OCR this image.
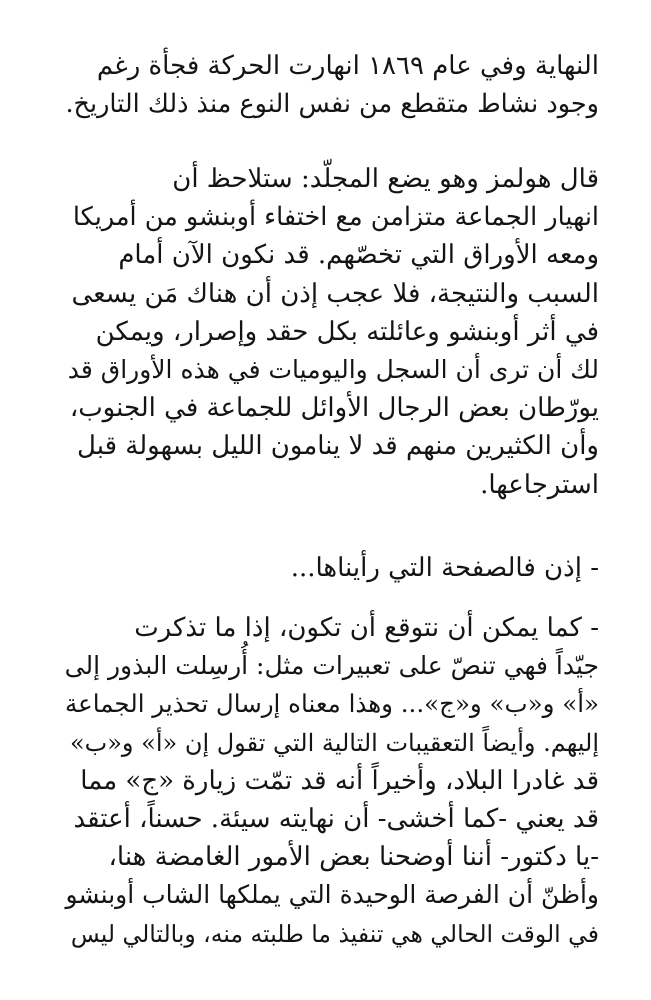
النهاية وفي عام ١٨٦٩ انهارت الحركة فجأة رغم
وجود نشاط متقطع من نفس النوع منذ ذلك التاريخ.

قال هولمز وهو يضع المجلّد: ستلاحظ أن
انهيار الجماعة متزامن مع اختفاء أوبنشو من أمريكا
ومعه الأوراق التي تخصّهم. قد نكون الآن أمام
السبب والنتيجة، فلا عجب إذن أن هناك مَن يسعى
في أثر أوبنشو وعائلته بكل حقد وإصرار، ويمكن
لك أن ترى أن السجل واليوميات في هذه الأوراق قد
يورّطان بعض الرجال الأوائل للجماعة في الجنوب،
وأن الكثيرين منهم قد لا ينامون الليل بسهولة قبل
استرجاعها.

- إذن فالصفحة التي رأيناها...

- كما يمكن أن نتوقع أن تكون، إذا ما تذكرت
جيّداً فهي تنصّ على تعبيرات مثل: أُرسِلت البذور إلى
«أ» و«ب» و«ج»... وهذا معناه إرسال تحذير الجماعة
إليهم. وأيضاً التعقيبات التالية التي تقول إن «أ» و«ب»
قد غادرا البلاد، وأخيراً أنه قد تمّت زيارة «ج» مما
قد يعني -كما أخشى- أن نهايته سيئة. حسناً، أعتقد
-يا دكتور- أننا أوضحنا بعض الأمور الغامضة هنا،
وأظنّ أن الفرصة الوحيدة التي يملكها الشاب أوبنشو
في الوقت الحالي هي تنفيذ ما طلبته منه، وبالتالي ليس
